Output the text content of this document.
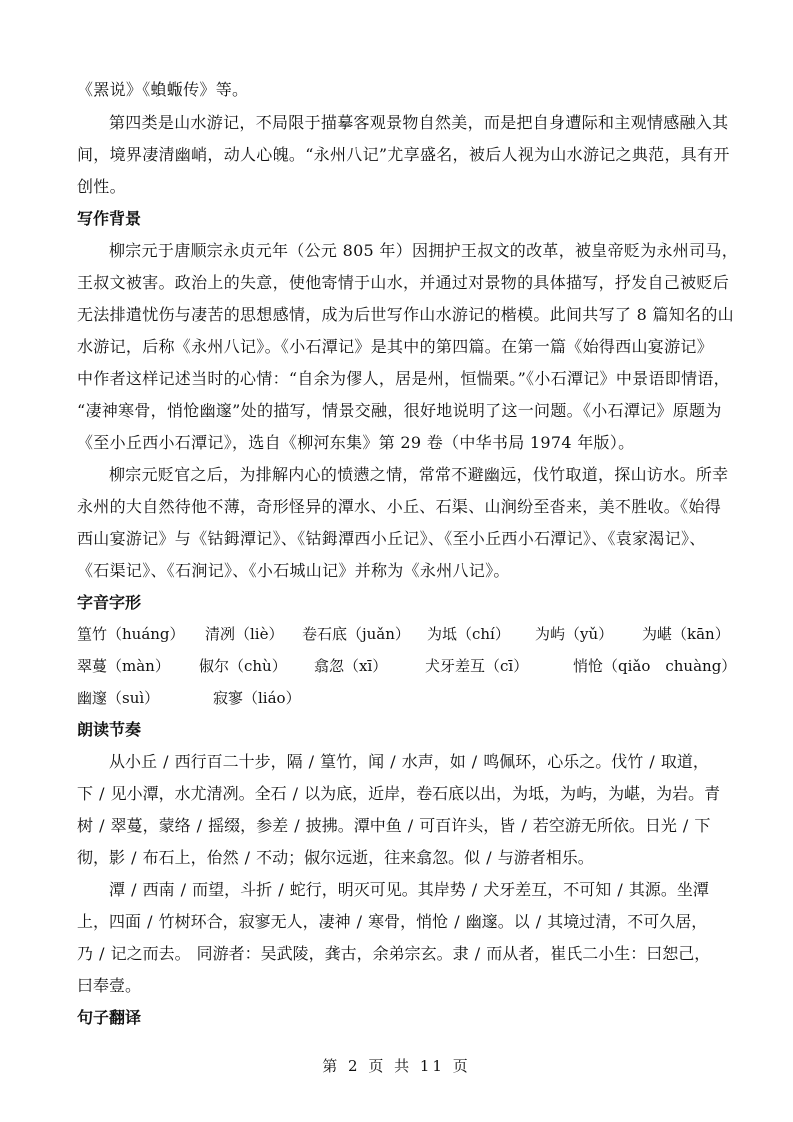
《罴说》《蝜蝂传》等。
第四类是山水游记，不局限于描摹客观景物自然美，而是把自身遭际和主观情感融入其
间，境界凄清幽峭，动人心魄。“永州八记”尤享盛名，被后人视为山水游记之典范，具有开
创性。
写作背景
柳宗元于唐顺宗永贞元年（公元 805 年）因拥护王叔文的改革，被皇帝贬为永州司马，
王叔文被害。政治上的失意，使他寄情于山水，并通过对景物的具体描写，抒发自己被贬后
无法排遣忧伤与凄苦的思想感情，成为后世写作山水游记的楷模。此间共写了 8 篇知名的山
水游记，后称《永州八记》。《小石潭记》是其中的第四篇。在第一篇《始得西山宴游记》
中作者这样记述当时的心情：“自余为僇人，居是州，恒惴栗。”《小石潭记》中景语即情语，
“凄神寒骨，悄怆幽邃”处的描写，情景交融，很好地说明了这一问题。《小石潭记》原题为
《至小丘西小石潭记》，选自《柳河东集》第 29 卷（中华书局 1974 年版）。
柳宗元贬官之后，为排解内心的愤懑之情，常常不避幽远，伐竹取道，探山访水。所幸
永州的大自然待他不薄，奇形怪异的潭水、小丘、石渠、山涧纷至沓来，美不胜收。《始得
西山宴游记》与《钴鉧潭记》、《钴鉧潭西小丘记》、《至小丘西小石潭记》、《袁家渴记》、
《石渠记》、《石涧记》、《小石城山记》并称为《永州八记》。
字音字形
篁竹（huáng） 清冽（liè） 卷石底（juǎn） 为坻（chí） 为屿（yǔ） 为嵁（kān）
翠蔓（màn） 俶尔（chù） 翕忽（xī）	犬牙差互（cī）	悄怆（qiǎo　chuàng）
幽邃（suì）	寂寥（liáo）
朗读节奏
从小丘 / 西行百二十步，隔 / 篁竹，闻 / 水声，如 / 鸣佩环，心乐之。伐竹 / 取道，
下 / 见小潭，水尤清冽。全石 / 以为底，近岸，卷石底以出，为坻，为屿，为嵁，为岩。青
树 / 翠蔓，蒙络 / 摇缀，参差 / 披拂。潭中鱼 / 可百许头，皆 / 若空游无所依。日光 / 下
彻，影 / 布石上，佁然 / 不动；俶尔远逝，往来翕忽。似 / 与游者相乐。
潭 / 西南 / 而望，斗折 / 蛇行，明灭可见。其岸势 / 犬牙差互，不可知 / 其源。坐潭
上，四面 / 竹树环合，寂寥无人，凄神 / 寒骨，悄怆 / 幽邃。以 / 其境过清，不可久居，
乃 / 记之而去。 同游者：吴武陵，龚古，余弟宗玄。隶 / 而从者，崔氏二小生：曰恕己，
曰奉壹。
句子翻译
第 2 页 共 11 页
